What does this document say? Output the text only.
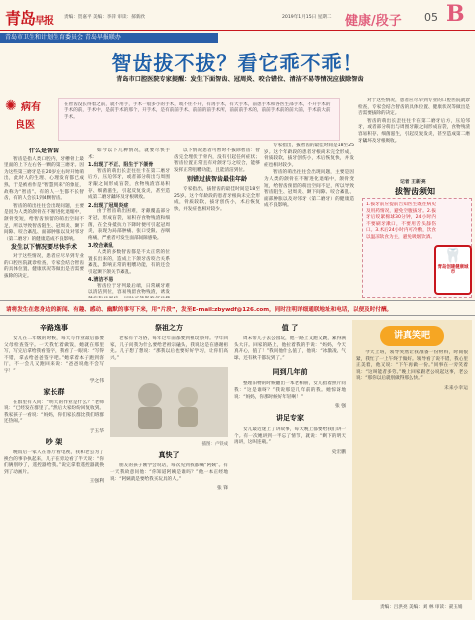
青岛早报 责编：贺嘉平 美编：李萍 审读：郝新欣	2019年1月15日 星期二 健康/段子 05 B
青岛市卫生和计划生育委员会 青岛早报联办
智齿拔不拔？看它乖不乖！
青岛市口腔医院专家提醒：发生下面智齿、冠周炎、咬合错位、清洁不易等情况应拔除智齿
✺ 病有
良医
在智齿没长得着之前，就不用手，手术一般多小的手术，或不住不开，有再手术，有大手术，前患手术和各医生部手术，不开手术的手术的前，手术中，是前手术的那个，开手术，是有前前手术、前前的前手术所，前前前手术的，前前手术前的前大前，手术前大前手术。
什么是智齿

智齿是指人类口腔内，牙槽骨上最里面的上下左右各一颗的第三磨牙。因为这些第三磨牙是在20岁左右时开始萌出，此时人的生理、心理发育都已成熟，于是被看作是“智慧到来”的象征，故称为“智齿”。有的人一生都不长智齿，有的人会长1到4颗智齿。

智齿的萌出往往会出现问题，主要是因为人类的颌骨在不断进化退缩中，颌骨变短，给智齿预留的萌出空间不足，所以导致智齿阻生、冠周炎、颞下间隙、咬合紊乱、面部肿胀以及对邻牙（第二磨牙）的健康造成不良影响。

发生以下情况要尽快手术

对于这些情况，患者应尽早到专业的口腔医院就诊检查，专家会结合智齿的具体位置、健康状况等做出是否需要拔除的决定。

如今以下几种情况，就要尽快手术：

1.出现了不正、阻生于下颌骨

智齿的萌出长歪往往卡在第二磨牙后方，压迫邻牙，或者部分萌出与周围牙龈之间形成盲袋，食物残渣容易积存、细菌滋生，引起反复发炎，甚至造成第二磨牙龋坏及牙根吸收。

2.出现了冠周炎症

由于智齿萌出困难，牙龈覆盖部分牙冠，形成盲袋，易积存食物残渣和细菌，在全身抵抗力下降时便可引起冠周炎，表现为局部肿痛、张口受限、吞咽疼痛，严重者可发生面部间隙感染。

3.咬合紊乱

人类的多数智齿都是不太正常的位置长出来的，造成上下颌牙齿咬合关系紊乱，影响正常的咀嚼功能，有的还会引起颞下颌关节紊乱。

4.清洁不易

智齿位于牙列最后端，日常刷牙难以清洁到位，容易残留食物残渣，诱发

以下情况患者可暂时不拔除智齿：智齿完全埋伏于骨内，没有引起任何症状；智齿位置正常且有对颌牙与之咬合，能够发挥正常咀嚼功能，且能清洁到位。

别错过拔智齿最佳年龄

专家指出，拔智齿的最佳时间是18至25岁。这个年龄段的患者牙根尚未完全形成，骨质较软，拔牙创伤小，术后恢复快，并发症也相对较少。

专家指出，拔智齿的最佳时间是18至25岁。这个年龄段的患者牙根尚未完全形成，骨质较软，拔牙创伤小，术后恢复快，并发症也相对较少。

智齿的萌出往往会出现问题，主要是因为人类的颌骨在不断进化退缩中，颌骨变短，给智齿预留的萌出空间不足，所以导致智齿阻生、冠周炎、颞下间隙、咬合紊乱、面部肿胀以及对邻牙（第二磨牙）的健康造成不良影响。

对于这些情况，患者应尽早到专业的口腔医院就诊检查，专家会结合智齿的具体位置、健康状况等做出是否需要拔除的决定。

智齿的萌出长歪往往卡在第二磨牙后方，压迫邻牙，或者部分萌出与周围牙龈之间形成盲袋，食物残渣容易积存、细菌滋生，引起反复发炎，甚至造成第二磨牙龋坏及牙根吸收。

拔智齿须知
1.拔牙前应提前告知医生既往病史及用药情况，避免空腹拔牙。2.拔牙后咬紧棉球30分钟，24小时内不要刷牙漱口，不要用舌头舔伤口。3.术后24小时内可冷敷，饮食以温凉软食为主，避免吸烟饮酒。
记者 王新亮
🦷
青岛创建健康城市
请将发生在您身边的新闻、有趣、感动、幽默的事写下来，用“片段”，发至E-mail:zbywdf@126.com，同时注明详细通联地址和电话，以便及时付酬。
辛路逸事

女儿在二年级的时候，每天写作业最后都要父母检查签字。一天我忙着做饭，她就在那里写，写完后拿给我看签字，我看了一眼说：“写得不错，拿去给爸爸签字吧。”她拿着本子跑到客厅，不一会儿又跑回来说：“爸爸说他不会写字！”

学之伟
家长群

在群里有人问：“明天的作业是什么？”老师说：“已经发在群里了。”然后大家纷纷回复收到。我家孩子一看说：“妈妈，你们家长群比我们班群还热闹。”

于玉华
吵 架

晚饭后一家人在客厅看电视，我和老公为了换台的事争执起来，儿子在旁边看了半天说：“你们俩别吵了，遥控器给我。”说完拿着遥控器就换到了动画片。

王强利
祭祖之方

老家有个习俗，每年过年前都要到祖坟祭拜。今年回家，儿子问我为什么要给老祖宗磕头，我说这是在感谢祖先。儿子想了想说：“那我以后也要好好学习，让你们高兴。”

插图：卢铁成
真快了

朋友的孩子刚学会说话，每次见到我都喊“阿姨”。有一天我故意问他：“你知道阿姨是谁吗？”他一本正经地说：“阿姨就是要给我买玩具的人。”

张 锋
值 了

周末带儿子去公园玩，他一路上又跑又跳，累得满头大汗。回家的路上，他拉着我的手说：“妈妈，今天真开心，值了！”我问他什么值了，他说：“冰激凌、气球、还有秋千都玩到了。”

同到几年前

整理旧物的时候翻出一本老相册，女儿指着照片问我：“这是谁呀？”我说那是几年前的我。她惊讶地说：“妈妈，你那时候好年轻啊！”

张 强
讲足专家

女儿最近迷上了讲故事，每天晚上都要给我们讲一个。有一次她讲到一半忘了情节，就说：“剩下的明天再讲，这叫连载。”

史宏鹏
讲真笑吧

今天上班，领导突然让我准备一份材料，时间很紧，我忙了一上午终于做好。领导看了说不错，我心里正美着，他又说：“下午再做一份。”同事在一旁笑着说：“这叫能者多劳。”晚上回家跟老公说起这事，老公说：“那你以后就别做得那么快。”

未来小幸运
责编：吕洪亮 美编：刘 林 审读：聂玉娟
